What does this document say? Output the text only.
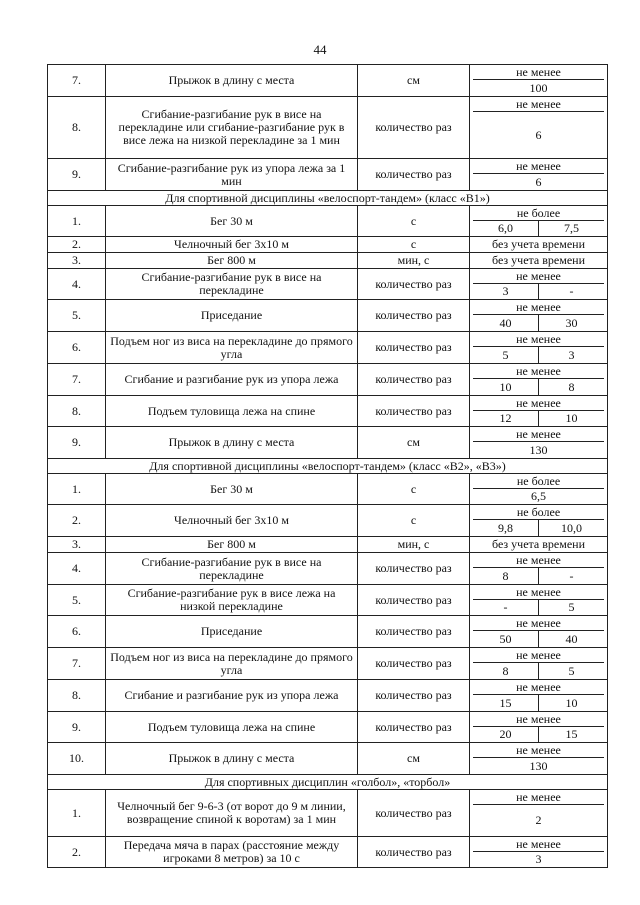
44
7.	Прыжок в длину с места	см	не менее
100

8.	Сгибание-разгибание рук в висе на перекладине или сгибание-разгибание рук в висе лежа на низкой перекладине за 1 мин	количество раз	не менее
6

9.	Сгибание-разгибание рук из упора лежа за 1 мин	количество раз	не менее
6

Для спортивной дисциплины «велоспорт-тандем» (класс «В1»)			
1.	Бег 30 м	с	не более
6,0 7,5

2.	Челночный бег 3х10 м	с	без учета времени

3.	Бег 800 м	мин, с	без учета времени

4.	Сгибание-разгибание рук в висе на перекладине	количество раз	не менее
3 -

5.	Приседание	количество раз	не менее
40 30

6.	Подъем ног из виса на перекладине до прямого угла	количество раз	не менее
5 3

7.	Сгибание и разгибание рук из упора лежа	количество раз	не менее
10 8

8.	Подъем туловища лежа на спине	количество раз	не менее
12 10

9.	Прыжок в длину с места	см	не менее
130

Для спортивной дисциплины «велоспорт-тандем» (класс «В2», «В3»)			
1.	Бег 30 м	с	не более
6,5

2.	Челночный бег 3х10 м	с	не более
9,8 10,0

3.	Бег 800 м	мин, с	без учета времени

4.	Сгибание-разгибание рук в висе на перекладине	количество раз	не менее
8 -

5.	Сгибание-разгибание рук в висе лежа на низкой перекладине	количество раз	не менее
- 5

6.	Приседание	количество раз	не менее
50 40

7.	Подъем ног из виса на перекладине до прямого угла	количество раз	не менее
8 5

8.	Сгибание и разгибание рук из упора лежа	количество раз	не менее
15 10

9.	Подъем туловища лежа на спине	количество раз	не менее
20 15

10.	Прыжок в длину с места	см	не менее
130

Для спортивных дисциплин «голбол», «торбол»			
1.	Челночный бег 9-6-3 (от ворот до 9 м линии, возвращение спиной к воротам) за 1 мин	количество раз	не менее
2

2.	Передача мяча в парах (расстояние между игроками 8 метров) за 10 с	количество раз	не менее
3
